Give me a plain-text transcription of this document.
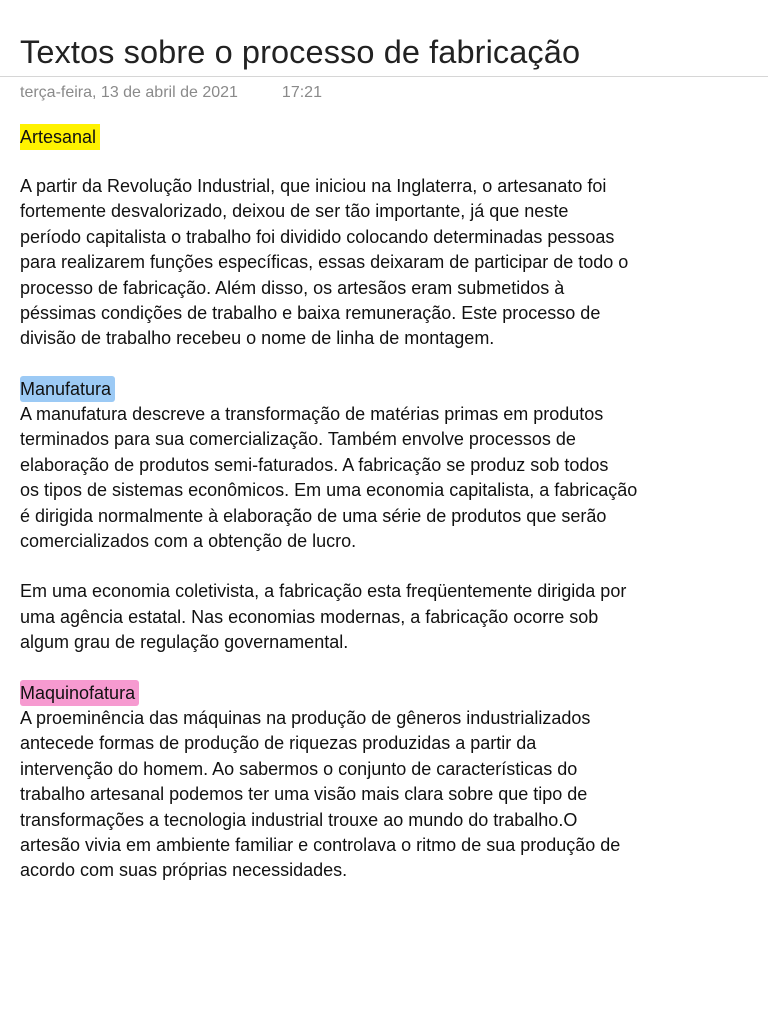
Textos sobre o processo de fabricação
terça-feira, 13 de abril de 2021	17:21
Artesanal

A partir da Revolução Industrial, que iniciou na Inglaterra, o artesanato foi
fortemente desvalorizado, deixou de ser tão importante, já que neste
período capitalista o trabalho foi dividido colocando determinadas pessoas
para realizarem funções específicas, essas deixaram de participar de todo o
processo de fabricação. Além disso, os artesãos eram submetidos à
péssimas condições de trabalho e baixa remuneração. Este processo de
divisão de trabalho recebeu o nome de linha de montagem.

Manufatura

A manufatura descreve a transformação de matérias primas em produtos
terminados para sua comercialização. Também envolve processos de
elaboração de produtos semi-faturados. A fabricação se produz sob todos
os tipos de sistemas econômicos. Em uma economia capitalista, a fabricação
é dirigida normalmente à elaboração de uma série de produtos que serão
comercializados com a obtenção de lucro.

Em uma economia coletivista, a fabricação esta freqüentemente dirigida por
uma agência estatal. Nas economias modernas, a fabricação ocorre sob
algum grau de regulação governamental.

Maquinofatura

A proeminência das máquinas na produção de gêneros industrializados
antecede formas de produção de riquezas produzidas a partir da
intervenção do homem. Ao sabermos o conjunto de características do
trabalho artesanal podemos ter uma visão mais clara sobre que tipo de
transformações a tecnologia industrial trouxe ao mundo do trabalho.O
artesão vivia em ambiente familiar e controlava o ritmo de sua produção de
acordo com suas próprias necessidades.
